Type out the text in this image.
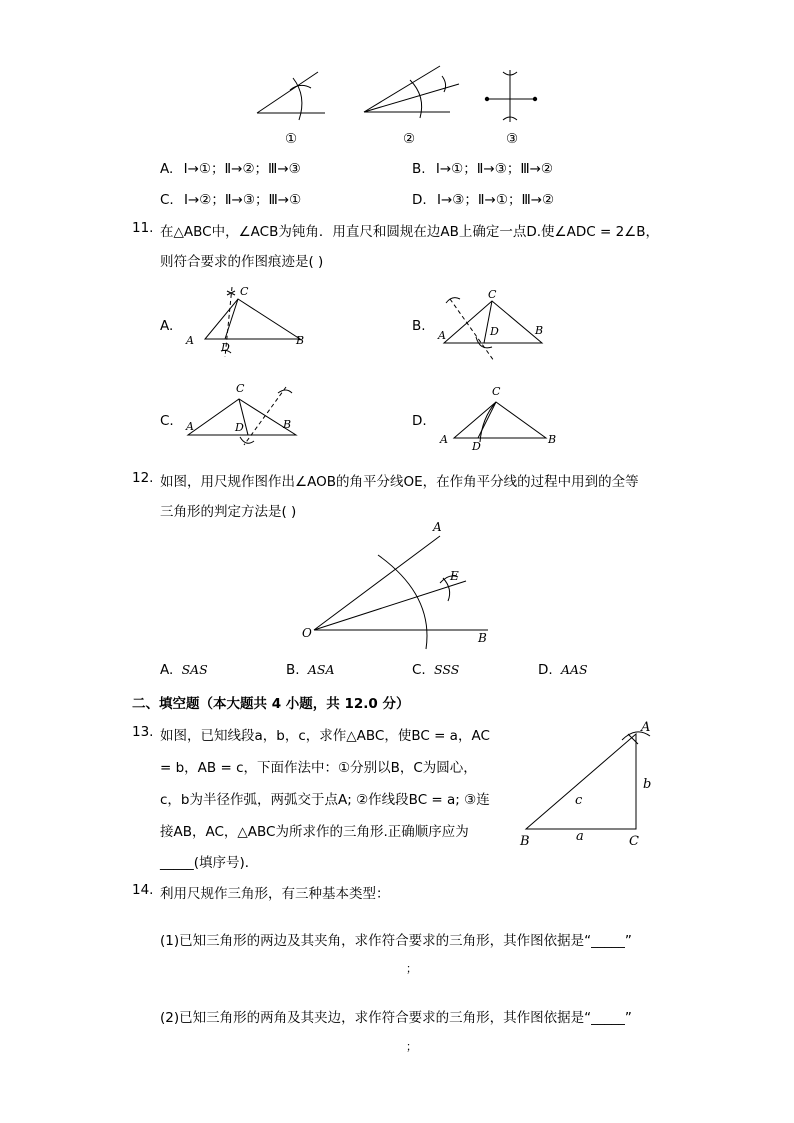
①	②	③
A. Ⅰ→①；Ⅱ→②；Ⅲ→③	B. Ⅰ→①；Ⅱ→③；Ⅲ→②
C. Ⅰ→②；Ⅱ→③；Ⅲ→①	D. Ⅰ→③；Ⅱ→①；Ⅲ→②
11. 在△ABC中，∠ACB为钝角．用直尺和圆规在边AB上确定一点D.使∠ADC = 2∠B，
则符合要求的作图痕迹是( )
A.
C
A
D
B
B.
C
A	D	B
C.
C
A	D	B	D.
C
A
D
B
12. 如图，用尺规作图作出∠AOB的角平分线OE，在作角平分线的过程中用到的全等
三角形的判定方法是( )
A
E
O	B
A. SAS	B. ASA	C. SSS	D. AAS
二、填空题（本大题共 4 小题，共 12.0 分）
13. 如图，已知线段a，b，c，求作△ABC，使BC = a，AC
= b，AB = c，下面作法中：①分别以B，C为圆心，
c，b为半径作弧，两弧交于点A; ②作线段BC = a; ③连
接AB，AC，△ABC为所求作的三角形.正确顺序应为
_____(填序号)．
A
b
c
a
B	C
14. 利用尺规作三角形，有三种基本类型：
(1)已知三角形的两边及其夹角，求作符合要求的三角形，其作图依据是“_____”
；
(2)已知三角形的两角及其夹边，求作符合要求的三角形，其作图依据是“_____”
；
